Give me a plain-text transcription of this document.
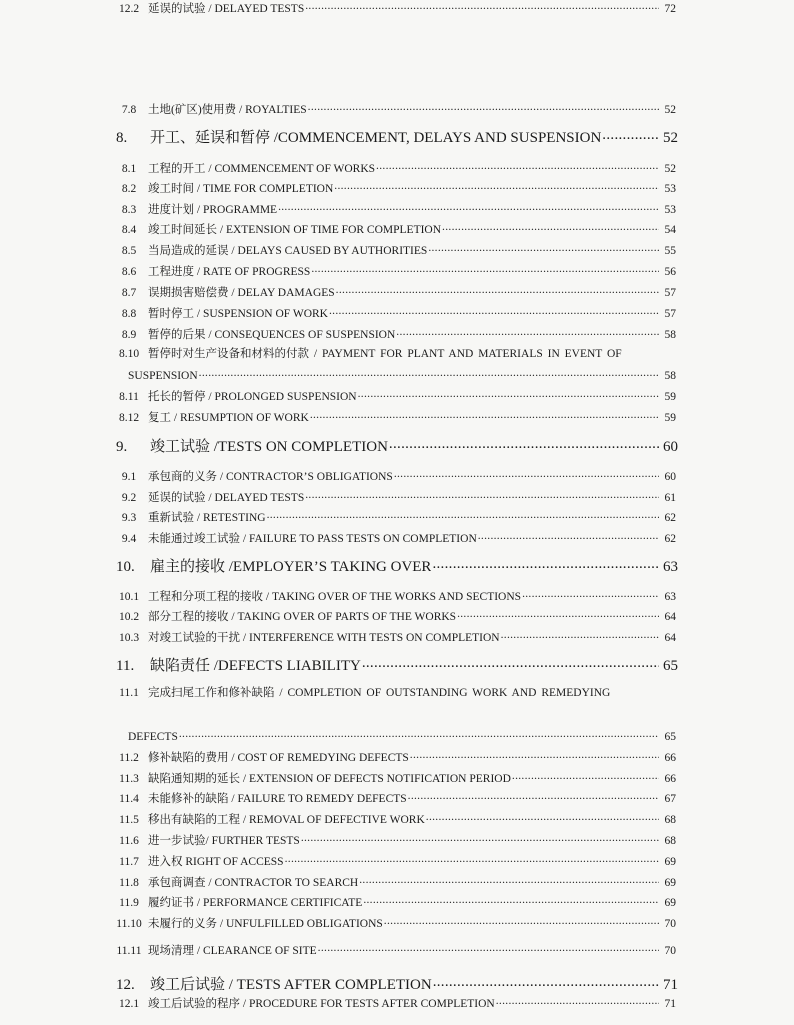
7.8	土地(矿区)使用费 / ROYALTIES .....	52
8.	开工、延误和暂停 /COMMENCEMENT, DELAYS AND SUSPENSION .....	52
8.1	工程的开工 / COMMENCEMENT OF WORKS .....	52
8.2	竣工时间 / TIME FOR COMPLETION .....	53
8.3	进度计划 / PROGRAMME .....	53
8.4	竣工时间延长 / EXTENSION OF TIME FOR COMPLETION .....	54
8.5	当局造成的延误 / DELAYS CAUSED BY AUTHORITIES .....	55
8.6	工程进度 / RATE OF PROGRESS .....	56
8.7	误期损害赔偿费 / DELAY DAMAGES .....	57
8.8	暂时停工 / SUSPENSION OF WORK .....	57
8.9	暂停的后果 / CONSEQUENCES OF SUSPENSION .....	58
8.10 暂停时对生产设备和材料的付款 / PAYMENT FOR PLANT AND MATERIALS IN EVENT OF
SUSPENSION .....	58
8.11 托长的暂停 / PROLONGED SUSPENSION .....	59
8.12 复工 / RESUMPTION OF WORK .....	59
9.	竣工试验 /TESTS ON COMPLETION .....	60
9.1	承包商的义务 / CONTRACTOR’S OBLIGATIONS .....	60
9.2	延误的试验 / DELAYED TESTS .....	61
9.3	重新试验 / RETESTING .....	62
9.4	未能通过竣工试验 / FAILURE TO PASS TESTS ON COMPLETION .....	62
10.	雇主的接收 /EMPLOYER’S TAKING OVER .....	63
10.1 工程和分项工程的接收 / TAKING OVER OF THE WORKS AND SECTIONS .....	63
10.2 部分工程的接收 / TAKING OVER OF PARTS OF THE WORKS .....	64
10.3 对竣工试验的干扰 / INTERFERENCE WITH TESTS ON COMPLETION .....	64
11.	缺陷责任 /DEFECTS LIABILITY .....	65
11.1 完成扫尾工作和修补缺陷 / COMPLETION OF OUTSTANDING WORK AND REMEDYING
DEFECTS .....	65
11.2 修补缺陷的费用 / COST OF REMEDYING DEFECTS .....	66
11.3 缺陷通知期的延长 / EXTENSION OF DEFECTS NOTIFICATION PERIOD .....	66
11.4 未能修补的缺陷 / FAILURE TO REMEDY DEFECTS .....	67
11.5 移出有缺陷的工程 / REMOVAL OF DEFECTIVE WORK .....	68
11.6 进一步试验/ FURTHER TESTS .....	68
11.7 进入权 RIGHT OF ACCESS .....	69
11.8 承包商调查 / CONTRACTOR TO SEARCH .....	69
11.9 履约证书 / PERFORMANCE CERTIFICATE .....	69
11.10 未履行的义务 / UNFULFILLED OBLIGATIONS .....	70
11.11 现场清理 / CLEARANCE OF SITE .....	70
12.	竣工后试验 / TESTS AFTER COMPLETION .....	71
12.1 竣工后试验的程序 / PROCEDURE FOR TESTS AFTER COMPLETION .....	71
12.2 延误的试验 / DELAYED TESTS .....	72
